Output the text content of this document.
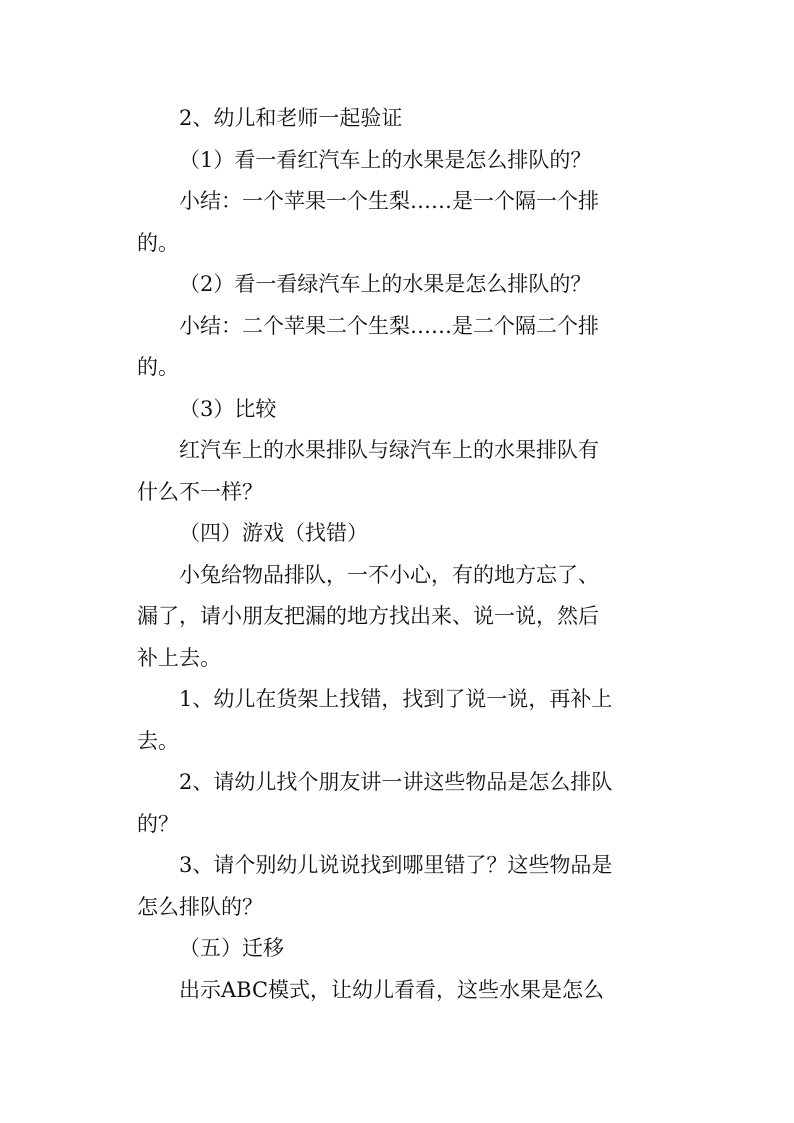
2、幼儿和老师一起验证
（1）看一看红汽车上的水果是怎么排队的？
小结：一个苹果一个生梨……是一个隔一个排
的。
（2）看一看绿汽车上的水果是怎么排队的？
小结：二个苹果二个生梨……是二个隔二个排
的。
（3）比较
红汽车上的水果排队与绿汽车上的水果排队有
什么不一样？
（四）游戏（找错）
小兔给物品排队，一不小心，有的地方忘了、
漏了，请小朋友把漏的地方找出来、说一说，然后
补上去。
1、幼儿在货架上找错，找到了说一说，再补上
去。
2、请幼儿找个朋友讲一讲这些物品是怎么排队
的？
3、请个别幼儿说说找到哪里错了？这些物品是
怎么排队的？
（五）迁移
出示ABC模式，让幼儿看看，这些水果是怎么
